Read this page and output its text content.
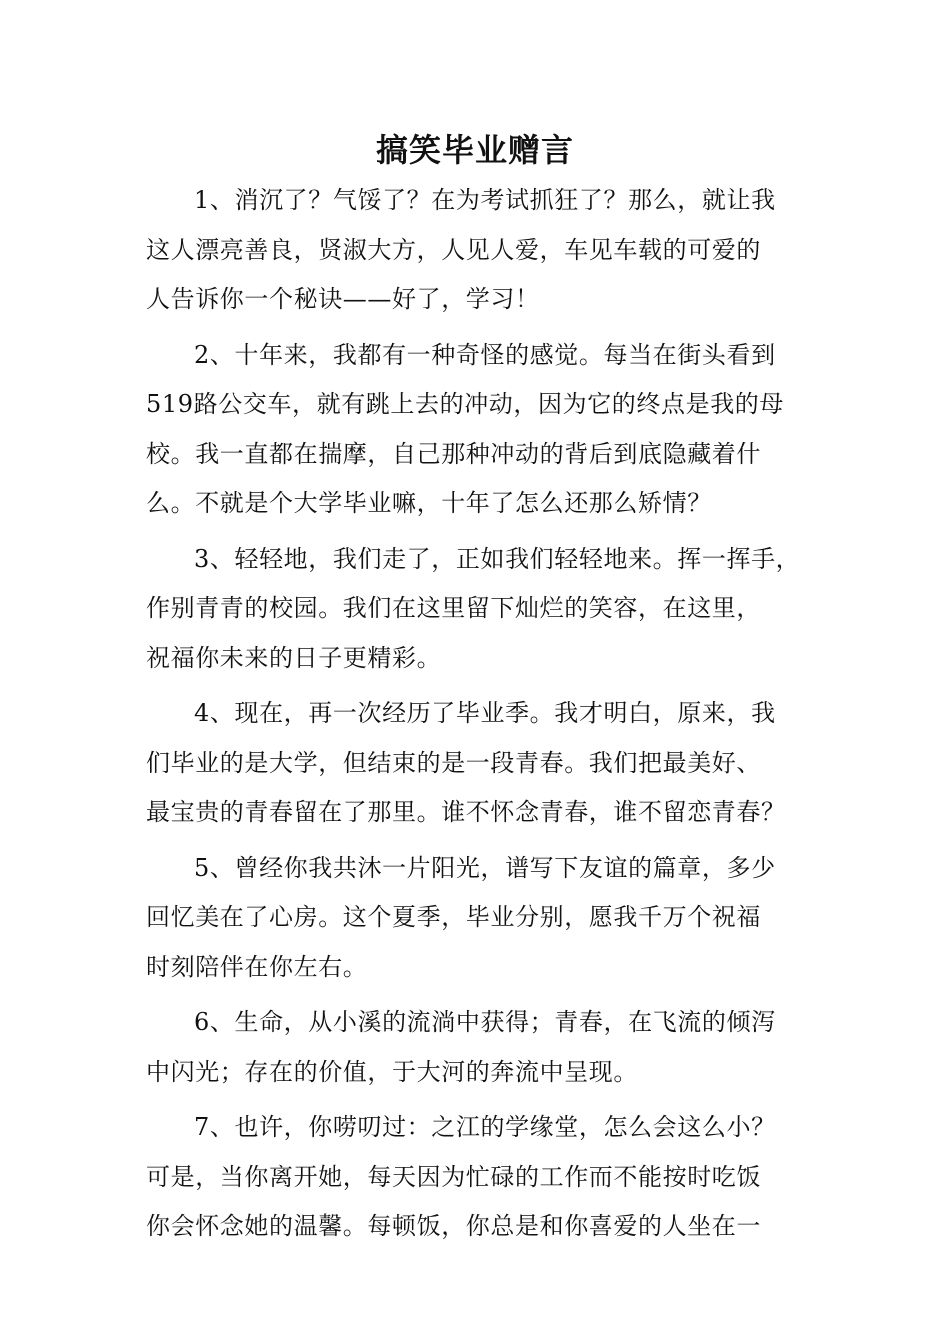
搞笑毕业赠言

1、消沉了？气馁了？在为考试抓狂了？那么，就让我
这人漂亮善良，贤淑大方，人见人爱，车见车载的可爱的
人告诉你一个秘诀——好了，学习！

2、十年来，我都有一种奇怪的感觉。每当在街头看到
519路公交车，就有跳上去的冲动，因为它的终点是我的母
校。我一直都在揣摩，自己那种冲动的背后到底隐藏着什
么。不就是个大学毕业嘛，十年了怎么还那么矫情？

3、轻轻地，我们走了，正如我们轻轻地来。挥一挥手，
作别青青的校园。我们在这里留下灿烂的笑容，在这里，
祝福你未来的日子更精彩。

4、现在，再一次经历了毕业季。我才明白，原来，我
们毕业的是大学，但结束的是一段青春。我们把最美好、
最宝贵的青春留在了那里。谁不怀念青春，谁不留恋青春？

5、曾经你我共沐一片阳光，谱写下友谊的篇章，多少
回忆美在了心房。这个夏季，毕业分别，愿我千万个祝福
时刻陪伴在你左右。

6、生命，从小溪的流淌中获得；青春，在飞流的倾泻
中闪光；存在的价值，于大河的奔流中呈现。

7、也许，你唠叨过：之江的学缘堂，怎么会这么小？
可是，当你离开她，每天因为忙碌的工作而不能按时吃饭
你会怀念她的温馨。每顿饭，你总是和你喜爱的人坐在一
